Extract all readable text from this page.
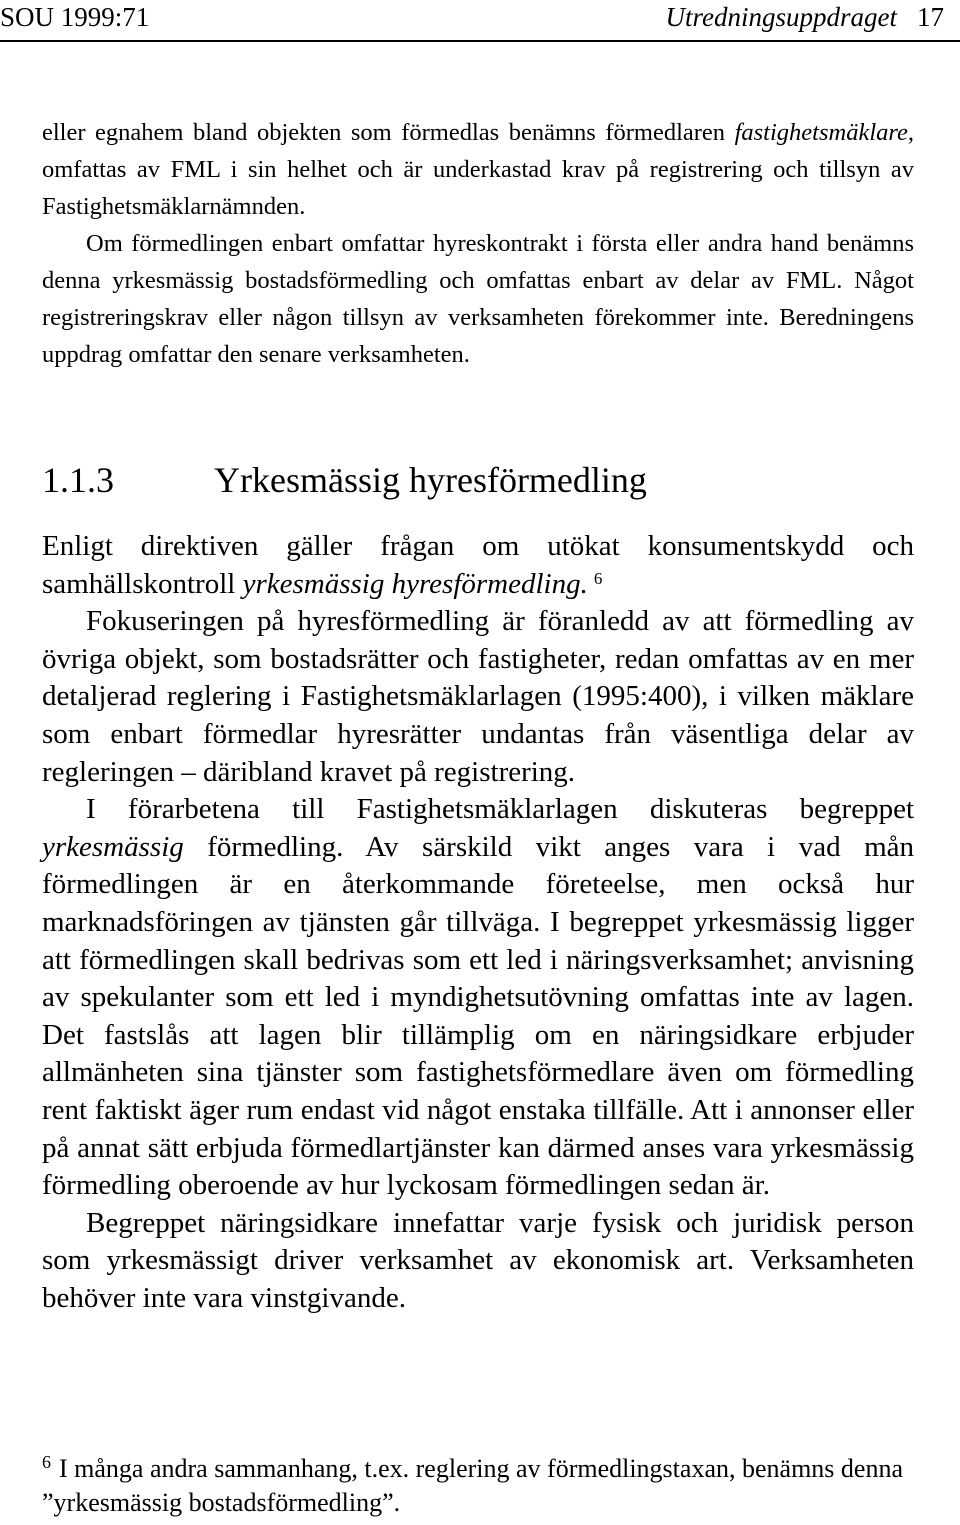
SOU 1999:71	Utredningsuppdraget 17

eller egnahem bland objekten som förmedlas benämns förmedlaren fastighetsmäklare, omfattas av FML i sin helhet och är underkastad krav på registrering och tillsyn av Fastighetsmäklarnämnden.
Om förmedlingen enbart omfattar hyreskontrakt i första eller andra hand benämns denna yrkesmässig bostadsförmedling och omfattas enbart av delar av FML. Något registreringskrav eller någon tillsyn av verksamheten förekommer inte. Beredningens uppdrag omfattar den senare verksamheten.

1.1.3	Yrkesmässig hyresförmedling

Enligt direktiven gäller frågan om utökat konsumentskydd och samhällskontroll yrkesmässig hyresförmedling. $^6$

Fokuseringen på hyresförmedling är föranledd av att förmedling av övriga objekt, som bostadsrätter och fastigheter, redan omfattas av en mer detaljerad reglering i Fastighetsmäklarlagen (1995:400), i vilken mäklare som enbart förmedlar hyresrätter undantas från väsentliga delar av regleringen – däribland kravet på registrering.

I förarbetena till Fastighetsmäklarlagen diskuteras begreppet yrkesmässig förmedling. Av särskild vikt anges vara i vad mån förmedlingen är en återkommande företeelse, men också hur marknadsföringen av tjänsten går tillväga. I begreppet yrkesmässig ligger att förmedlingen skall bedrivas som ett led i näringsverksamhet; anvisning av spekulanter som ett led i myndighetsutövning omfattas inte av lagen. Det fastslås att lagen blir tillämplig om en näringsidkare erbjuder allmänheten sina tjänster som fastighetsförmedlare även om förmedling rent faktiskt äger rum endast vid något enstaka tillfälle. Att i annonser eller på annat sätt erbjuda förmedlartjänster kan därmed anses vara yrkesmässig förmedling oberoende av hur lyckosam förmedlingen sedan är.

Begreppet näringsidkare innefattar varje fysisk och juridisk person som yrkesmässigt driver verksamhet av ekonomisk art. Verksamheten behöver inte vara vinstgivande.

$^6$ I många andra sammanhang, t.ex. reglering av förmedlingstaxan, benämns denna ”yrkesmässig bostadsförmedling”.
